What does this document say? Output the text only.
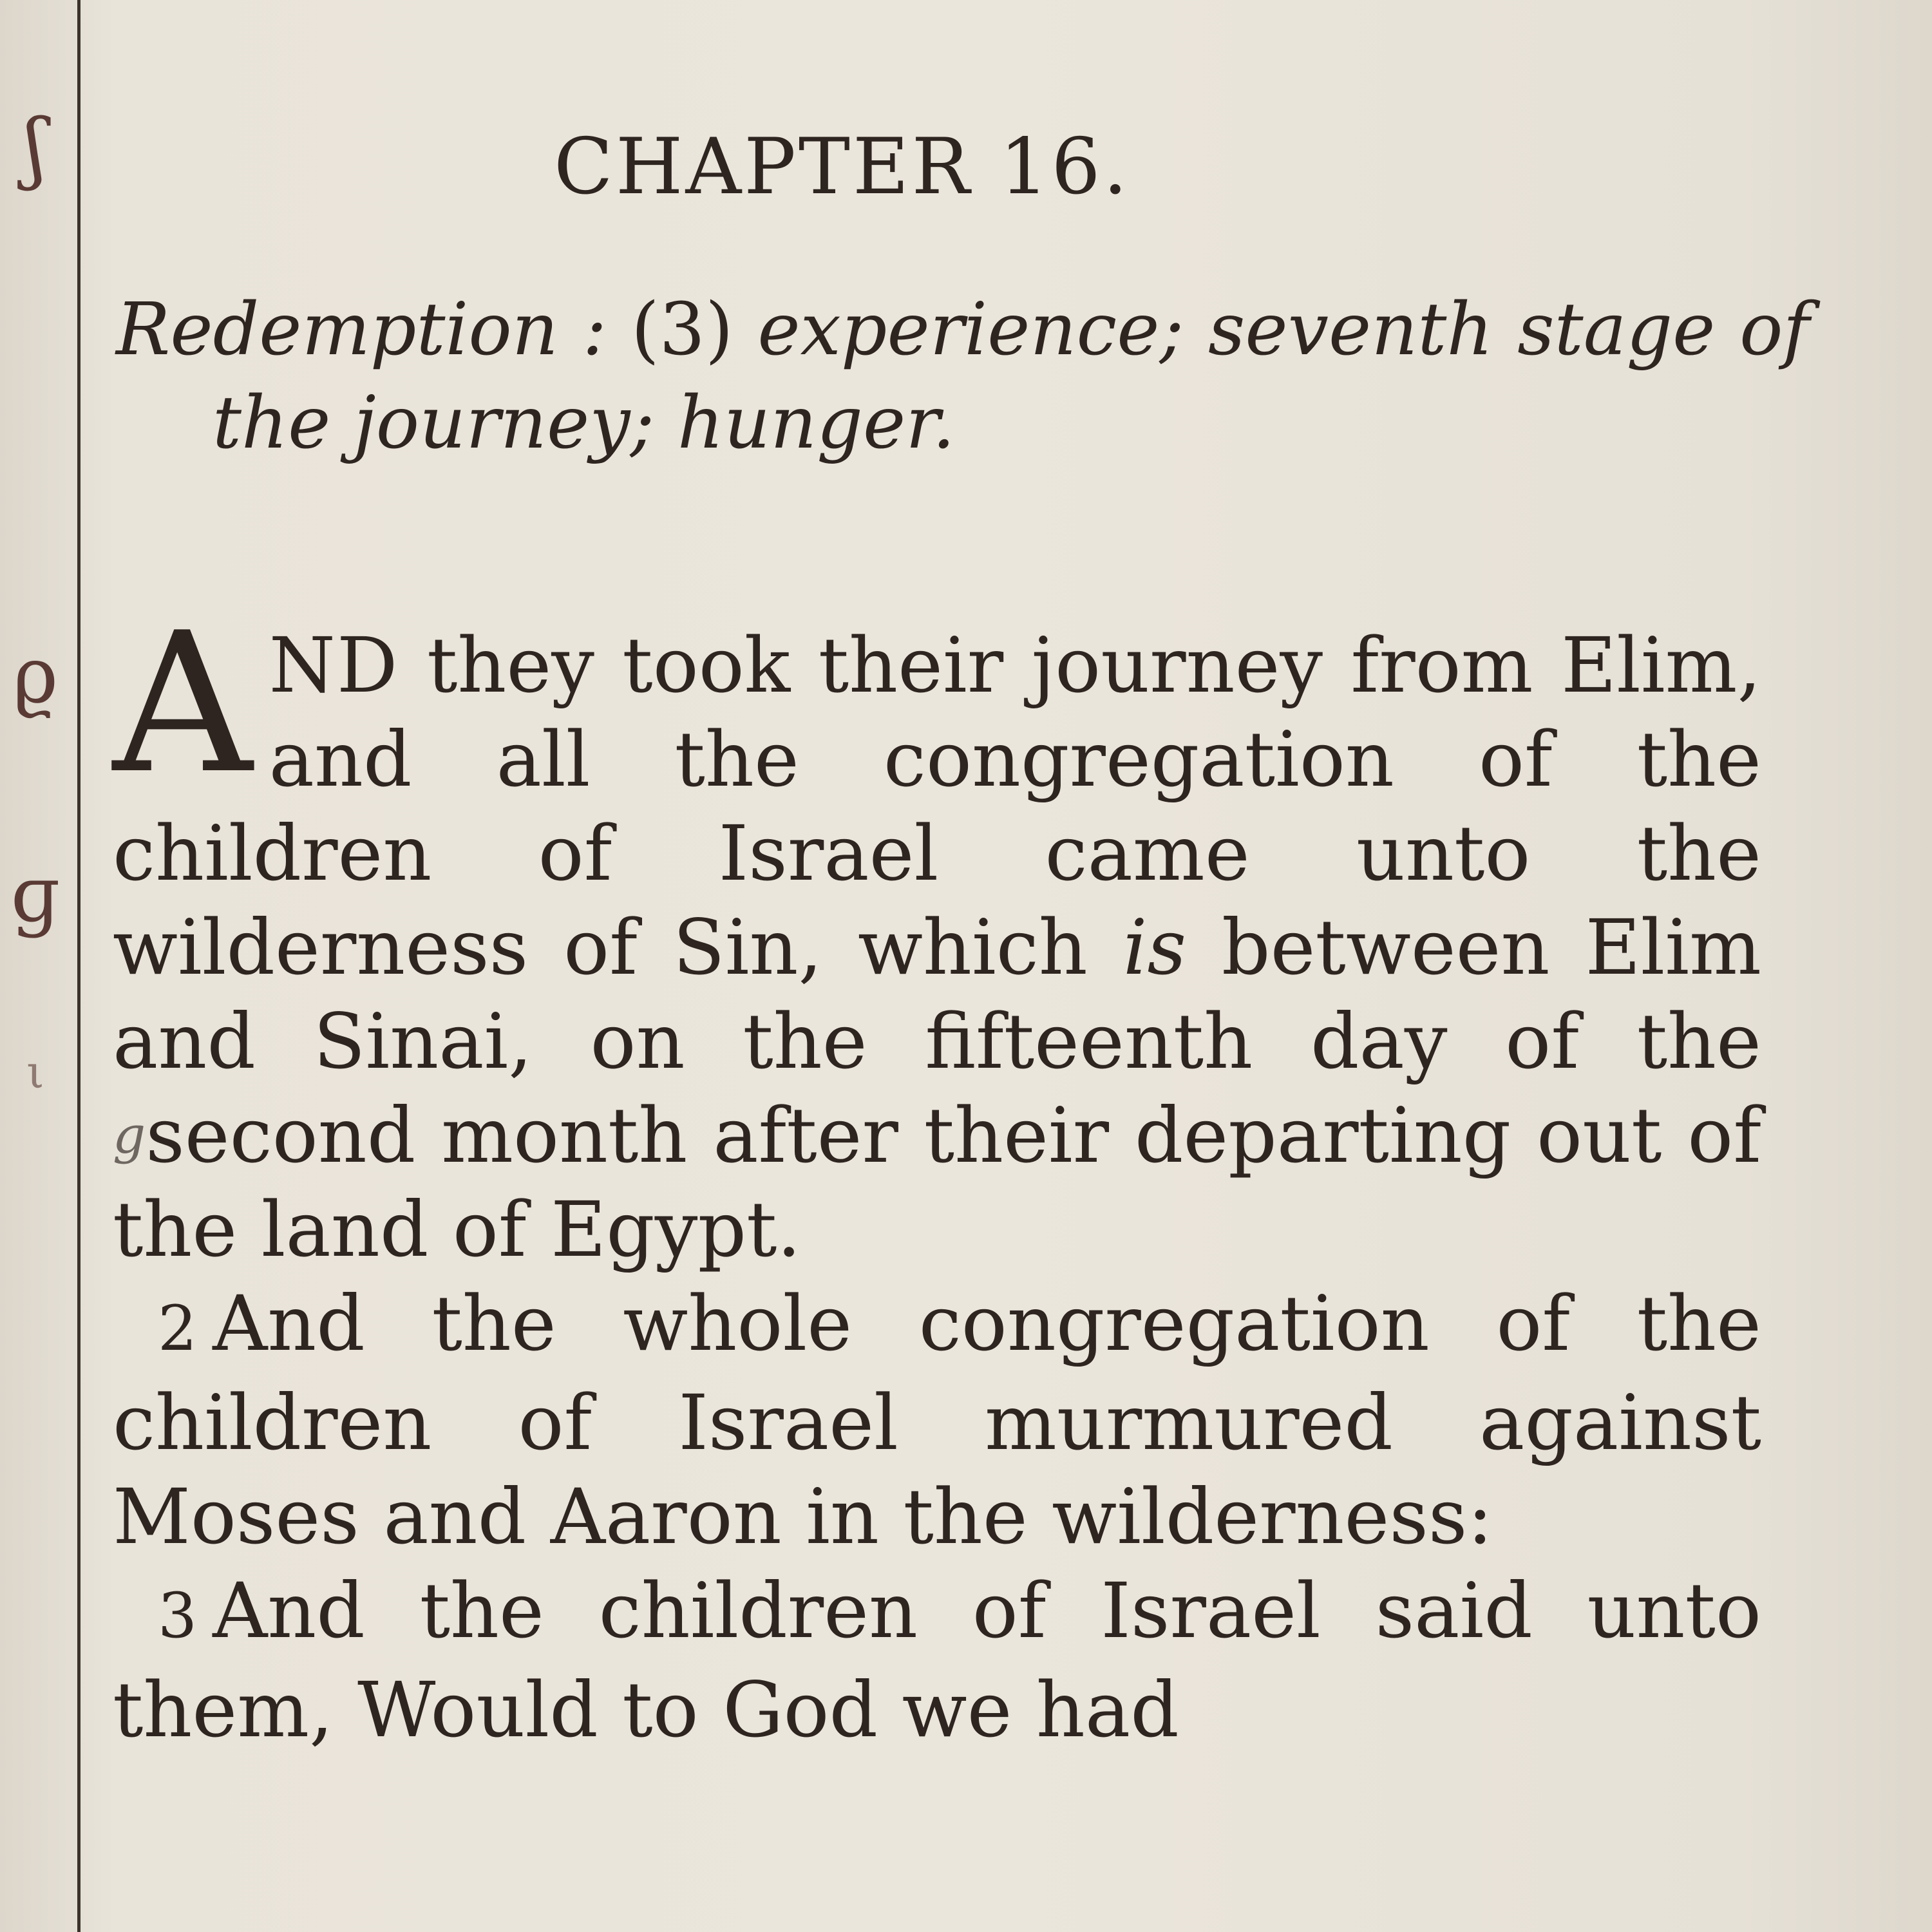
ʃ
ϱ
ɡ
ι
CHAPTER 16.

Redemption : (3) experience; seventh stage of the journey; hunger.

AND they took their journey from Elim, and all the congregation of the children of Israel came unto the wilderness of Sin, which is between Elim and Sinai, on the fifteenth day of the gsecond month after their departing out of the land of Egypt.

2 And the whole congregation of the children of Israel murmured against Moses and Aaron in the wilderness:

3 And the children of Israel said unto them, Would to God we had
